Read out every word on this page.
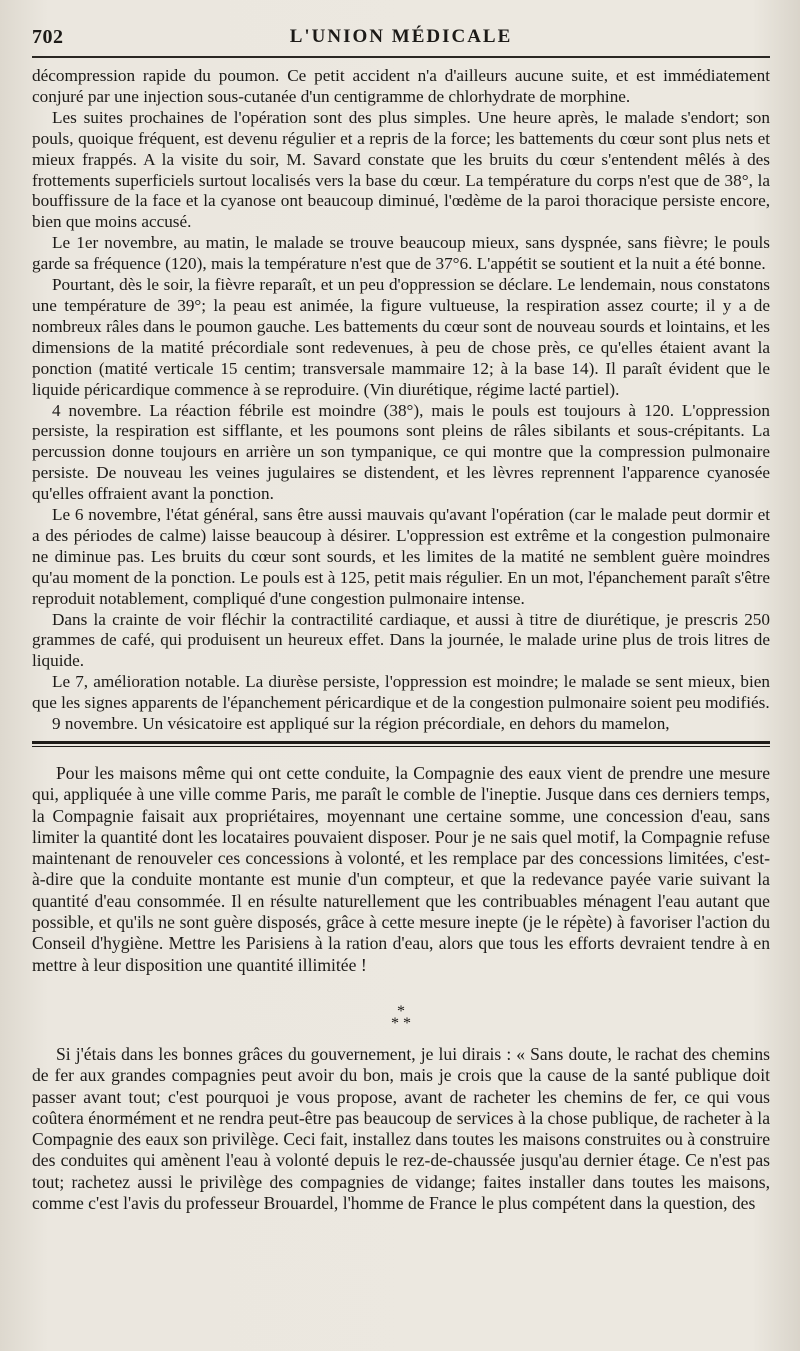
702	L'UNION MÉDICALE

décompression rapide du poumon. Ce petit accident n'a d'ailleurs aucune suite, et est immédiatement conjuré par une injection sous-cutanée d'un centigramme de chlorhydrate de morphine.

Les suites prochaines de l'opération sont des plus simples. Une heure après, le malade s'endort; son pouls, quoique fréquent, est devenu régulier et a repris de la force; les battements du cœur sont plus nets et mieux frappés. A la visite du soir, M. Savard constate que les bruits du cœur s'entendent mêlés à des frottements superficiels surtout localisés vers la base du cœur. La température du corps n'est que de 38°, la bouffissure de la face et la cyanose ont beaucoup diminué, l'œdème de la paroi thoracique persiste encore, bien que moins accusé.

Le 1er novembre, au matin, le malade se trouve beaucoup mieux, sans dyspnée, sans fièvre; le pouls garde sa fréquence (120), mais la température n'est que de 37°6. L'appétit se soutient et la nuit a été bonne.

Pourtant, dès le soir, la fièvre reparaît, et un peu d'oppression se déclare. Le lendemain, nous constatons une température de 39°; la peau est animée, la figure vultueuse, la respiration assez courte; il y a de nombreux râles dans le poumon gauche. Les battements du cœur sont de nouveau sourds et lointains, et les dimensions de la matité précordiale sont redevenues, à peu de chose près, ce qu'elles étaient avant la ponction (matité verticale 15 centim; transversale mammaire 12; à la base 14). Il paraît évident que le liquide péricardique commence à se reproduire. (Vin diurétique, régime lacté partiel).

4 novembre. La réaction fébrile est moindre (38°), mais le pouls est toujours à 120. L'oppression persiste, la respiration est sifflante, et les poumons sont pleins de râles sibilants et sous-crépitants. La percussion donne toujours en arrière un son tympanique, ce qui montre que la compression pulmonaire persiste. De nouveau les veines jugulaires se distendent, et les lèvres reprennent l'apparence cyanosée qu'elles offraient avant la ponction.

Le 6 novembre, l'état général, sans être aussi mauvais qu'avant l'opération (car le malade peut dormir et a des périodes de calme) laisse beaucoup à désirer. L'oppression est extrême et la congestion pulmonaire ne diminue pas. Les bruits du cœur sont sourds, et les limites de la matité ne semblent guère moindres qu'au moment de la ponction. Le pouls est à 125, petit mais régulier. En un mot, l'épanchement paraît s'être reproduit notablement, compliqué d'une congestion pulmonaire intense.

Dans la crainte de voir fléchir la contractilité cardiaque, et aussi à titre de diurétique, je prescris 250 grammes de café, qui produisent un heureux effet. Dans la journée, le malade urine plus de trois litres de liquide.

Le 7, amélioration notable. La diurèse persiste, l'oppression est moindre; le malade se sent mieux, bien que les signes apparents de l'épanchement péricardique et de la congestion pulmonaire soient peu modifiés.

9 novembre. Un vésicatoire est appliqué sur la région précordiale, en dehors du mamelon,

Pour les maisons même qui ont cette conduite, la Compagnie des eaux vient de prendre une mesure qui, appliquée à une ville comme Paris, me paraît le comble de l'ineptie. Jusque dans ces derniers temps, la Compagnie faisait aux propriétaires, moyennant une certaine somme, une concession d'eau, sans limiter la quantité dont les locataires pouvaient disposer. Pour je ne sais quel motif, la Compagnie refuse maintenant de renouveler ces concessions à volonté, et les remplace par des concessions limitées, c'est-à-dire que la conduite montante est munie d'un compteur, et que la redevance payée varie suivant la quantité d'eau consommée. Il en résulte naturellement que les contribuables ménagent l'eau autant que possible, et qu'ils ne sont guère disposés, grâce à cette mesure inepte (je le répète) à favoriser l'action du Conseil d'hygiène. Mettre les Parisiens à la ration d'eau, alors que tous les efforts devraient tendre à en mettre à leur disposition une quantité illimitée !

*
* *

Si j'étais dans les bonnes grâces du gouvernement, je lui dirais : « Sans doute, le rachat des chemins de fer aux grandes compagnies peut avoir du bon, mais je crois que la cause de la santé publique doit passer avant tout; c'est pourquoi je vous propose, avant de racheter les chemins de fer, ce qui vous coûtera énormément et ne rendra peut-être pas beaucoup de services à la chose publique, de racheter à la Compagnie des eaux son privilège. Ceci fait, installez dans toutes les maisons construites ou à construire des conduites qui amènent l'eau à volonté depuis le rez-de-chaussée jusqu'au dernier étage. Ce n'est pas tout; rachetez aussi le privilège des compagnies de vidange; faites installer dans toutes les maisons, comme c'est l'avis du professeur Brouardel, l'homme de France le plus compétent dans la question, des
